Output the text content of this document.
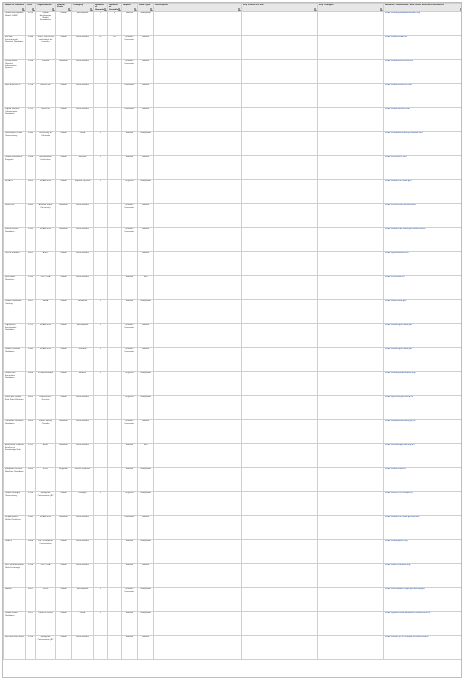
Name of Dataset	Year	Organization	Spatial Scale	Category	Number of Hazards	Number of Variables	Impact	Data Type	Description	Key Points for Use	Key Changes	Website, Publication, and Other Relevant Resources

Global Earthquake Model (GEM)	2015	Global Earthquake Model Foundation	Global	Earthquake	1	9	Human	Geospatial				https://www.globalquakemodel.org
EM-DAT International Disaster Database	1988	CRED, Université catholique de Louvain	Global	Multi-hazard	22	25	Human, Economic	Tabular				https://www.emdat.be
DesInventar Disaster Information System	1994	UNDRR	National	Multi-hazard			Human, Economic	Tabular				https://www.desinventar.net
NatCatSERVICE	1974	Munich Re	Global	Multi-hazard			Economic	Tabular				https://www.munichre.com
Sigma Natural Catastrophe Database	1970	Swiss Re	Global	Multi-hazard			Economic	Tabular				https://www.swissre.com
Dartmouth Flood Observatory	1985	University of Colorado	Global	Flood	1		Human	Geospatial				https://floodobservatory.colorado.edu
Global Volcanism Program	1968	Smithsonian Institution	Global	Volcano	1		Human	Tabular				https://volcano.si.edu
IBTrACS	2009	NOAA NCEI	Global	Tropical cyclone	1		Physical	Geospatial				https://www.ncei.noaa.gov
SHELDUS	2000	Arizona State University	National	Multi-hazard			Human, Economic	Tabular				https://cemhs.asu.edu/sheldus
Storm Events Database	1950	NOAA NCEI	National	Multi-hazard			Human, Economic	Tabular				https://www.ncdc.noaa.gov/stormevents
GLIDE Number	2001	ADRC	Global	Multi-hazard				Tabular				https://glidenumber.net
ReliefWeb Disasters	1996	UN OCHA	Global	Multi-hazard			Human	Text				https://reliefweb.int
Global Landslide Catalog	2007	NASA	Global	Landslide	1		Human	Geospatial				https://data.nasa.gov
Significant Earthquake Database	1972	NOAA NCEI	Global	Earthquake	1		Human, Economic	Tabular				https://www.ngdc.noaa.gov
Global Tsunami Database	1980	NOAA NCEI	Global	Tsunami	1		Human, Economic	Tabular				https://www.ngdc.noaa.gov
Global Fire Emissions Database	2006	VU Amsterdam	Global	Wildfire	1		Physical	Geospatial				https://www.globalfiredata.org
PREVIEW Global Risk Data Platform	2009	UNEP/GRID-Geneva	Global	Multi-hazard			Physical	Geospatial				https://preview.grid.unep.ch
Canadian Disaster Database	2003	Public Safety Canada	National	Multi-hazard			Human, Economic	Tabular				https://www.publicsafety.gc.ca
Australian Disaster Resilience Knowledge Hub	2012	AIDR	National	Multi-hazard			Human	Text				https://knowledge.aidr.org.au
European Severe Weather Database	2006	ESSL	Regional	Severe weather			Human	Geospatial				https://www.eswd.eu
Global Drought Observatory	2014	European Commission JRC	Global	Drought	1		Physical	Geospatial				https://edo.jrc.ec.europa.eu
NOAA Billion-Dollar Disasters	1980	NOAA NCEI	National	Multi-hazard			Economic	Tabular				https://www.ncei.noaa.gov/billions
GDACS	2004	UN / European Commission	Global	Multi-hazard			Human	Geospatial				https://www.gdacs.org
HDX Humanitarian Data Exchange	2014	UN OCHA	Global	Multi-hazard			Human	Tabular				https://data.humdata.org
PAGER	2007	USGS	Global	Earthquake	1		Human, Economic	Geospatial				https://earthquake.usgs.gov/data/pager
Global Flood Database	2021	Cloud to Street	Global	Flood	1		Human	Geospatial				https://global-flood-database.cloudtostreet.ai
INFORM Risk Index	2014	European Commission JRC	Global	Multi-hazard			Human	Tabular				https://drmkc.jrc.ec.europa.eu/inform-index
